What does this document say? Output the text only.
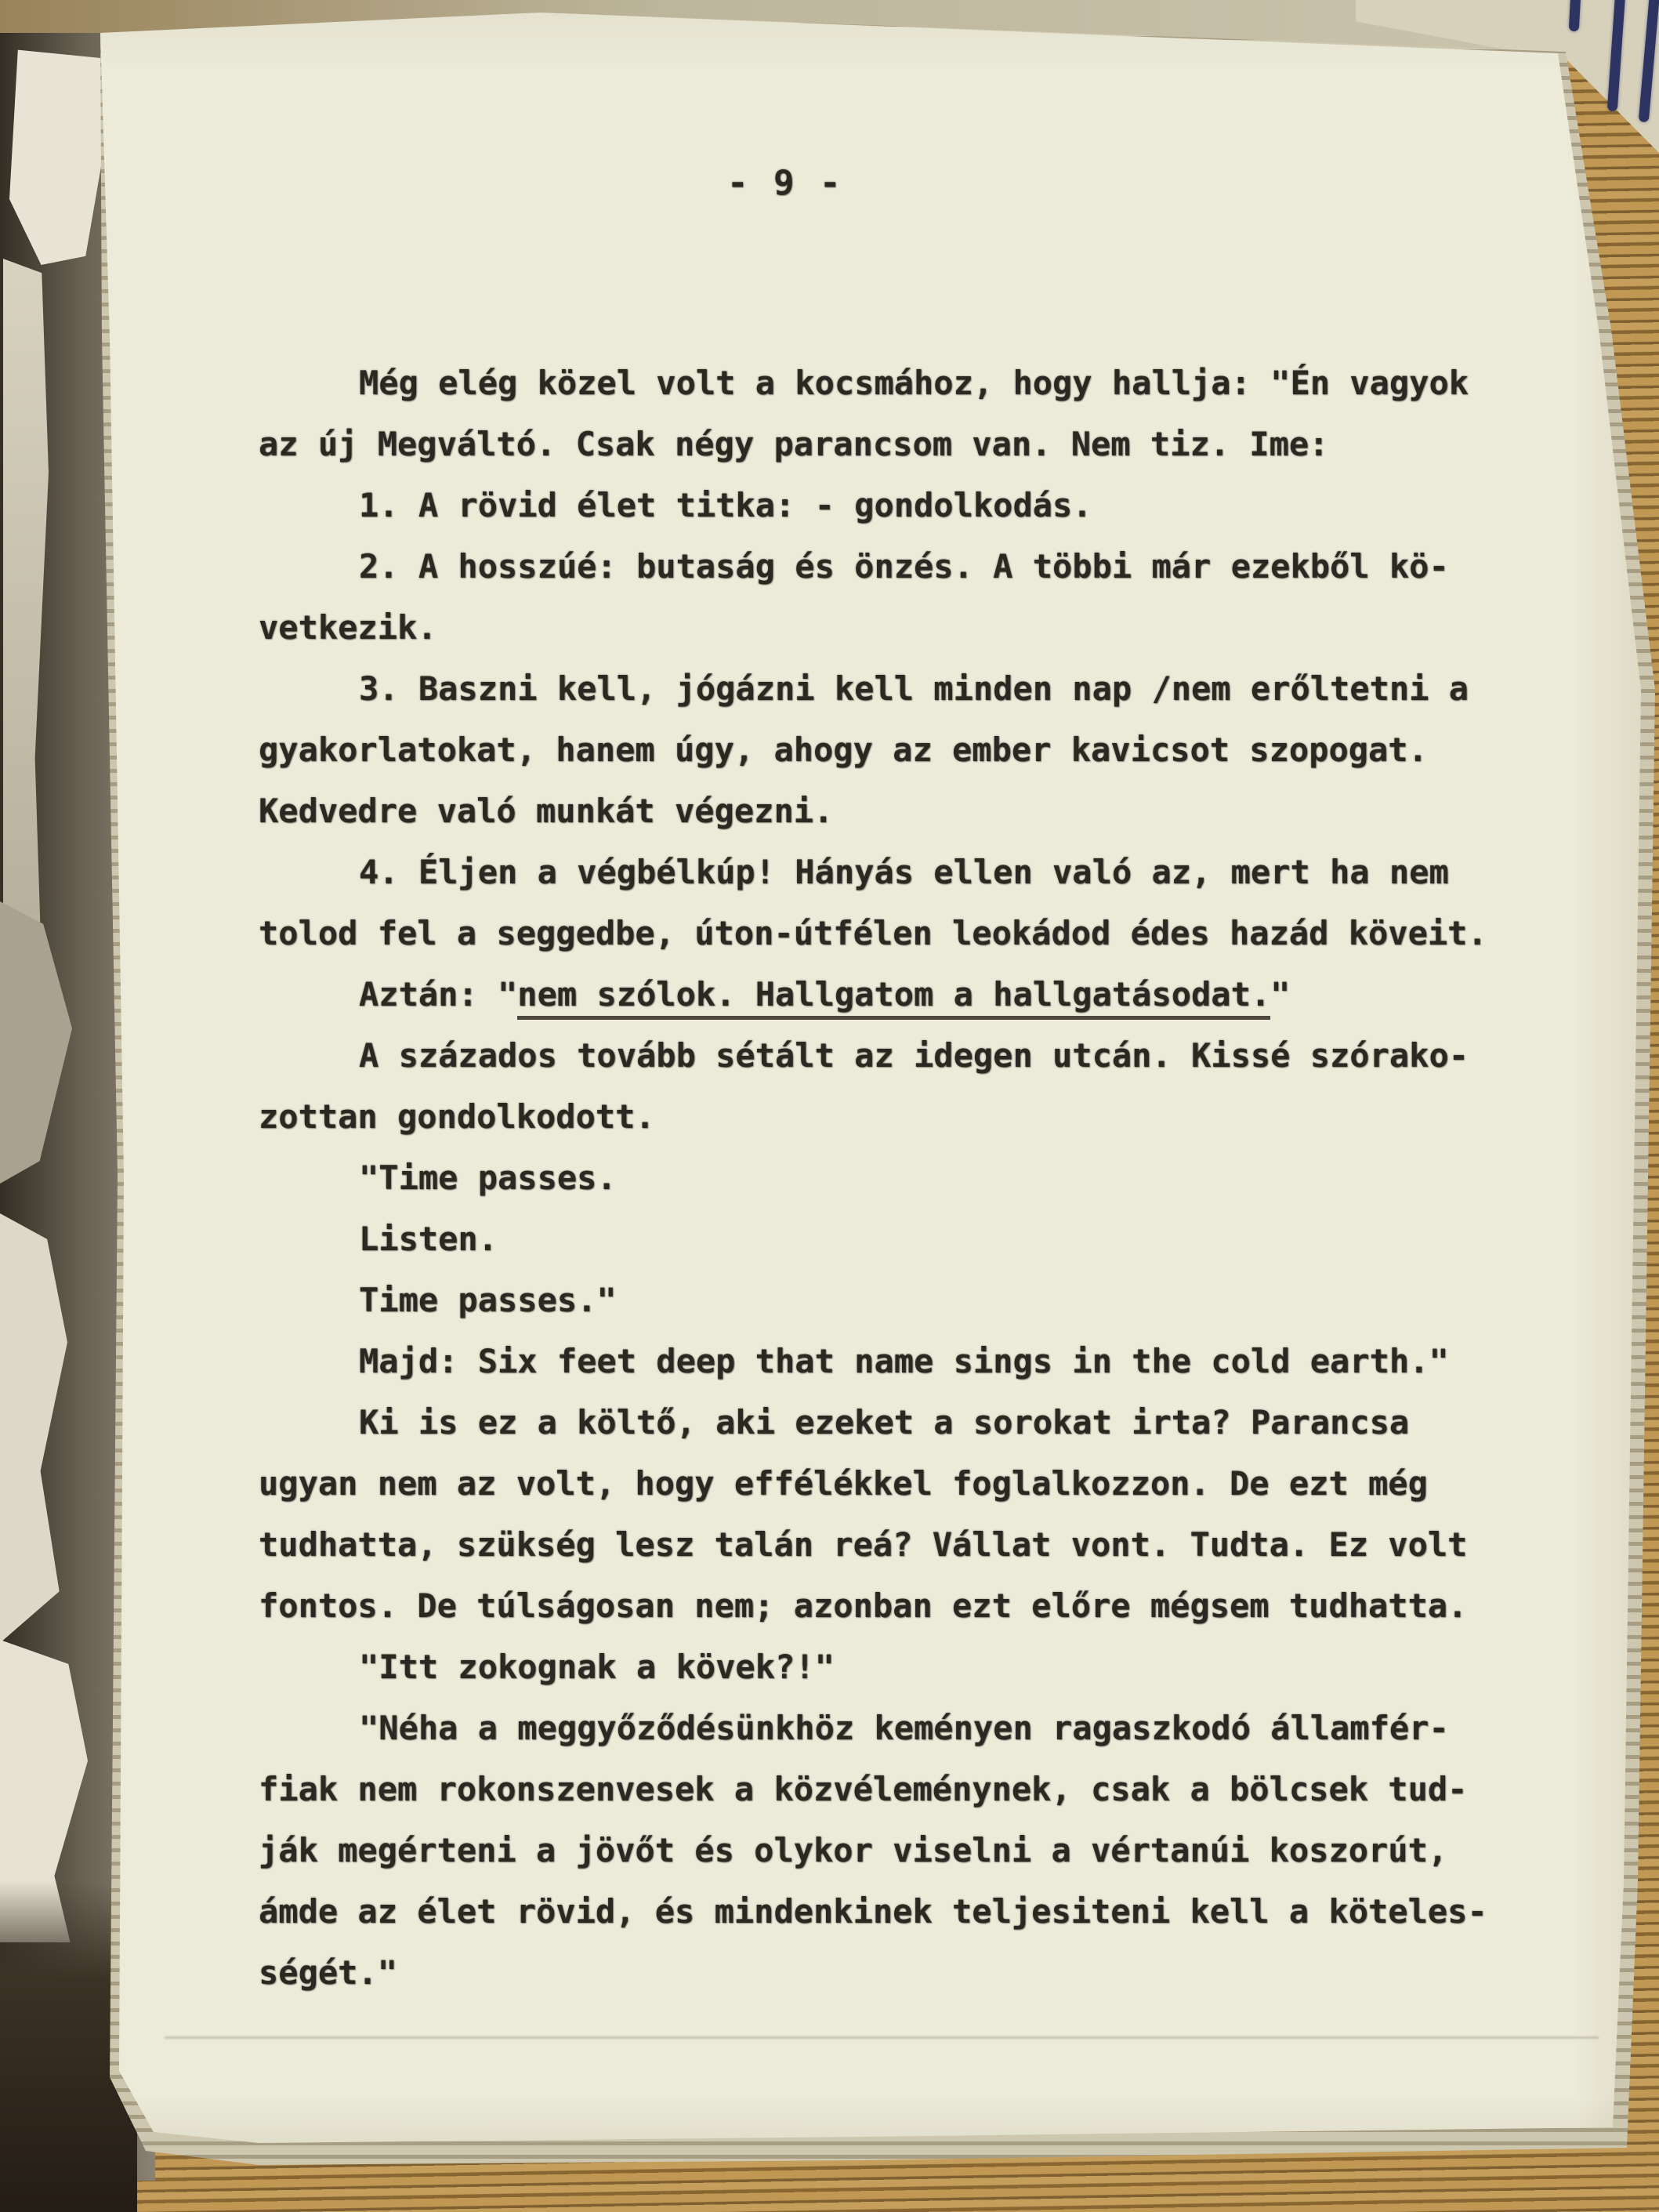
- 9 -
Még elég közel volt a kocsmához, hogy hallja: "Én vagyok
az új Megváltó. Csak négy parancsom van. Nem tiz. Ime:
1. A rövid élet titka: - gondolkodás.
2. A hosszúé: butaság és önzés. A többi már ezekből kö-
vetkezik.
3. Baszni kell, jógázni kell minden nap /nem erőltetni a
gyakorlatokat, hanem úgy, ahogy az ember kavicsot szopogat.
Kedvedre való munkát végezni.
4. Éljen a végbélkúp! Hányás ellen való az, mert ha nem
tolod fel a seggedbe, úton-útfélen leokádod édes hazád köveit.
Aztán: "nem szólok. Hallgatom a hallgatásodat."
A százados tovább sétált az idegen utcán. Kissé szórako-
zottan gondolkodott.
"Time passes.
Listen.
Time passes."
Majd: Six feet deep that name sings in the cold earth."
Ki is ez a költő, aki ezeket a sorokat irta? Parancsa
ugyan nem az volt, hogy effélékkel foglalkozzon. De ezt még
tudhatta, szükség lesz talán reá? Vállat vont. Tudta. Ez volt
fontos. De túlságosan nem; azonban ezt előre mégsem tudhatta.
"Itt zokognak a kövek?!"
"Néha a meggyőződésünkhöz keményen ragaszkodó államfér-
fiak nem rokonszenvesek a közvéleménynek, csak a bölcsek tud-
ják megérteni a jövőt és olykor viselni a vértanúi koszorút,
ámde az élet rövid, és mindenkinek teljesiteni kell a köteles-
ségét."
